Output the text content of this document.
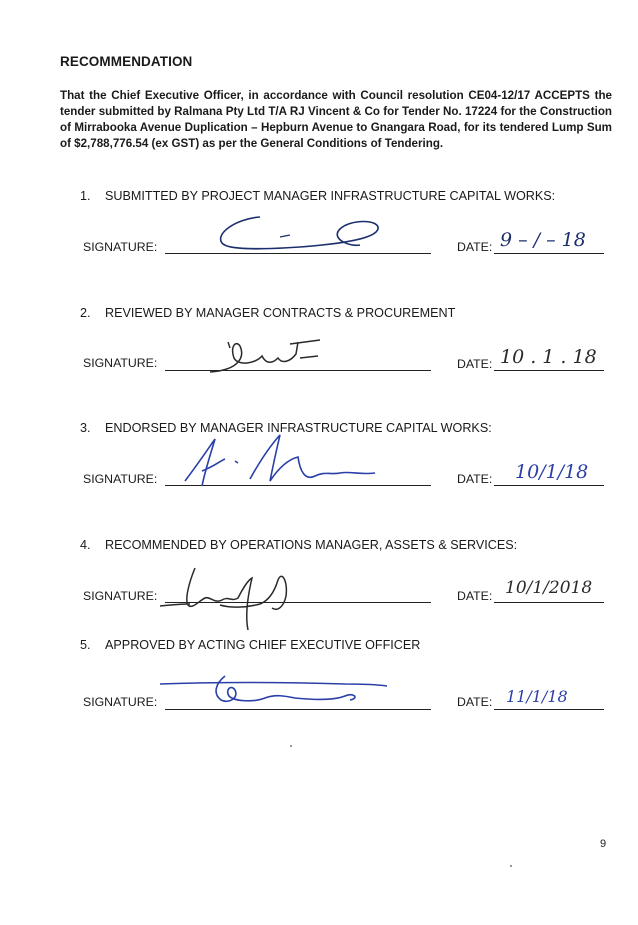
RECOMMENDATION
That the Chief Executive Officer, in accordance with Council resolution CE04-12/17 ACCEPTS the tender submitted by Ralmana Pty Ltd T/A RJ Vincent & Co for Tender No. 17224 for the Construction of Mirrabooka Avenue Duplication – Hepburn Avenue to Gnangara Road, for its tendered Lump Sum of $2,788,776.54 (ex GST) as per the General Conditions of Tendering.
1. SUBMITTED BY PROJECT MANAGER INFRASTRUCTURE CAPITAL WORKS:
SIGNATURE:	DATE: 9 – / – 18
2. REVIEWED BY MANAGER CONTRACTS & PROCUREMENT
SIGNATURE:	DATE: 10 . 1 . 18
3. ENDORSED BY MANAGER INFRASTRUCTURE CAPITAL WORKS:
SIGNATURE:	DATE: 10/1/18
4. RECOMMENDED BY OPERATIONS MANAGER, ASSETS & SERVICES:
SIGNATURE:	DATE: 10/1/2018
5. APPROVED BY ACTING CHIEF EXECUTIVE OFFICER
SIGNATURE:	DATE: 11/1/18
9
